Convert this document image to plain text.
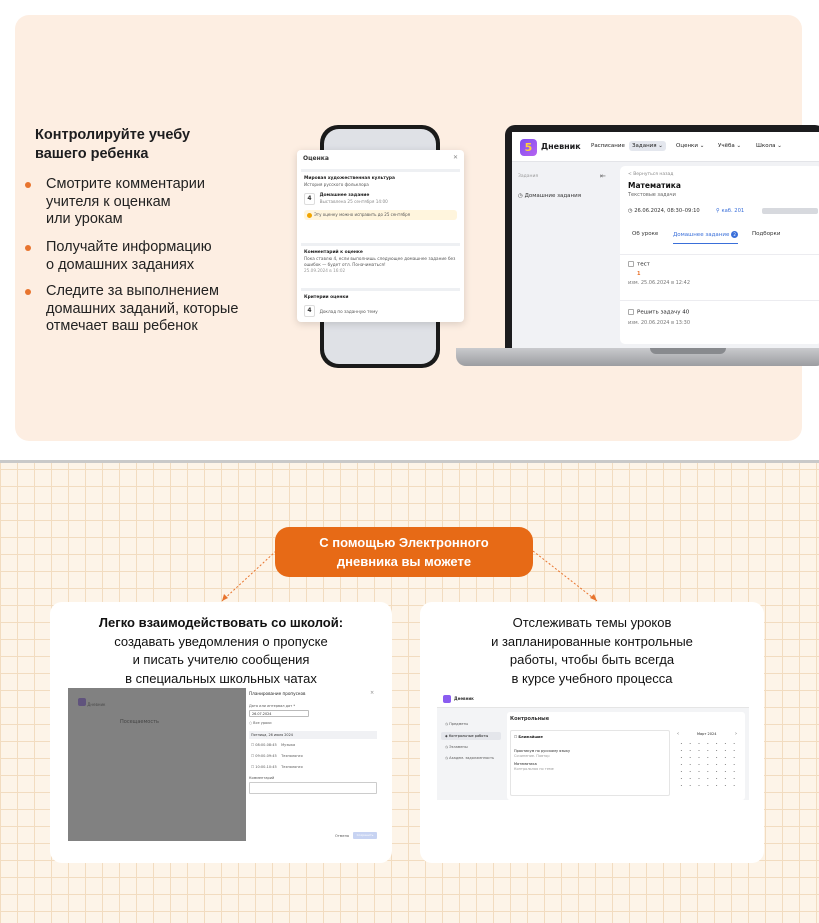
Контролируйте учебу
вашего ребенка
Смотрите комментарии
учителя к оценкам
или урокам
Получайте информацию
о домашних заданиях
Следите за выполнением
домашних заданий, которые
отмечает ваш ребенок
Оценка	✕
Мировая художественная культура
История русского фольклора
4 Домашнее задание
Выставлена 25 сентября 14:00
Эту оценку можно исправить до 25 сентября
Комментарий к оценке
Пока ставлю 4, если выполнишь следующее домашнее задание без ошибок — будет отл. Поначиматься!
25.09.2024 в 16:02
Критерии оценки
4 Доклад по заданную тему
5	Дневник Расписание	Задания ⌄	Оценки ⌄ Учёба ⌄	Школа ⌄
Задания	⇤
◷ Домашние задания
< Вернуться назад
Математика
Текстовые задачи
◷ 26.06.2024, 08:30–09:10	⚲ каб. 201
Об уроке	Домашнее задание 2	Подборки
тест
1
изм. 25.06.2024 в 12:42
Решить задачу 40
изм. 20.06.2024 в 13:30
С помощью Электронного
дневника вы можете
Легко взаимодействовать со школой:
создавать уведомления о пропуске
и писать учителю сообщения
в специальных школьных чатах
Отслеживать темы уроков
и запланированные контрольные
работы, чтобы быть всегда
в курсе учебного процесса
Планирование пропусков	×
Дата или интервал дат *
26.07.2024
○ Все уроки
Пятница, 26 июля 2024
☐ 08:00-08:45 Музыка
☐ 09:00-09:45 Технология
☐ 10:00-10:45 Технология
Комментарий
Отмена	Сохранить
Дневник
◷ Предметы
◈ Контрольные работы
◷ Экзамены
◷ Академ. задолженность
Контрольные
☐ Ближайшие
Практикум по русскому языку
Сочинение. Повтор
Математика
Контрольная по теме
Март 2024
‹	›
